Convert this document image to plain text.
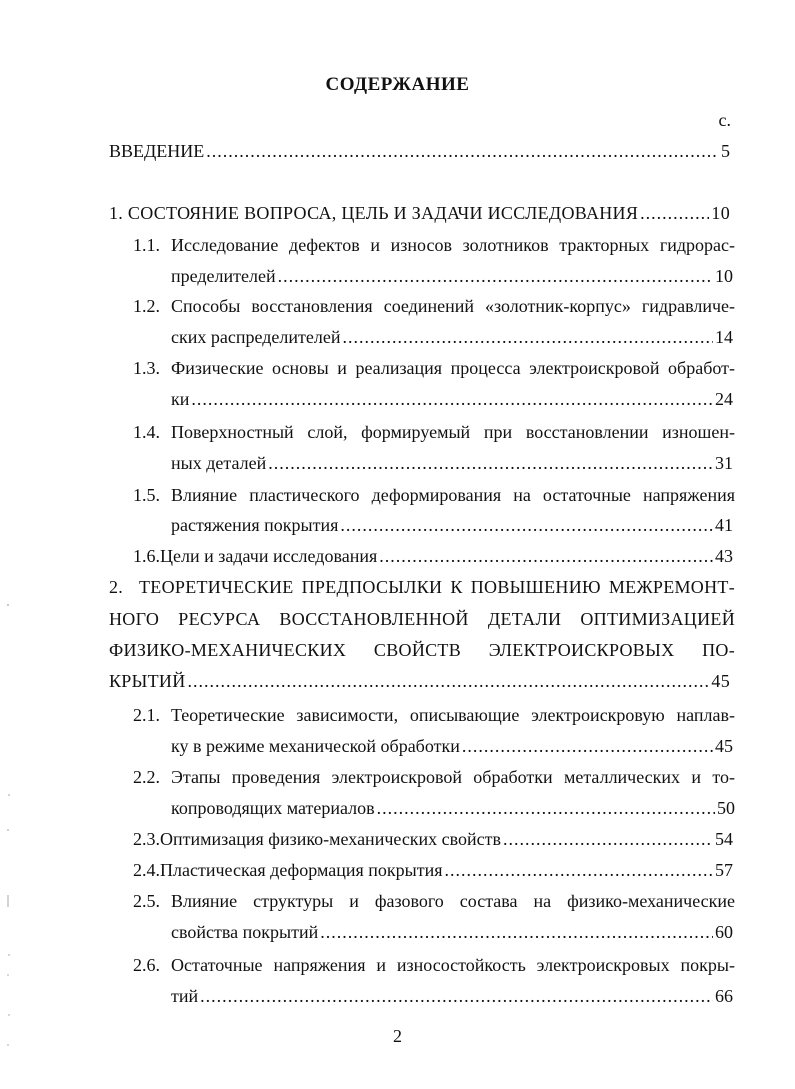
СОДЕРЖАНИЕ
с.
ВВЕДЕНИЕ .....	5
1.
СОСТОЯНИЕ ВОПРОСА, ЦЕЛЬ И ЗАДАЧИ ИССЛЕДОВАНИЯ .....	10
1.1. Исследование дефектов и износов золотников тракторных гидрорас-
пределителей .....	10
1.2. Способы восстановления соединений «золотник-корпус» гидравличе-
ских распределителей .....	14
1.3. Физические основы и реализация процесса электроискровой обработ-
ки .....	24
1.4. Поверхностный слой, формируемый при восстановлении изношен-
ных деталей .....	31
1.5. Влияние пластического деформирования на остаточные напряжения
растяжения покрытия .....	41
1.6. Цели и задачи исследования .....	43
2. ТЕОРЕТИЧЕСКИЕ ПРЕДПОСЫЛКИ К ПОВЫШЕНИЮ МЕЖРЕМОНТ-
НОГО РЕСУРСА ВОССТАНОВЛЕННОЙ ДЕТАЛИ ОПТИМИЗАЦИЕЙ
ФИЗИКО-МЕХАНИЧЕСКИХ СВОЙСТВ ЭЛЕКТРОИСКРОВЫХ ПО-
КРЫТИЙ .....	45
2.1. Теоретические зависимости, описывающие электроискровую наплав-
ку в режиме механической обработки .....	45
2.2. Этапы проведения электроискровой обработки металлических и то-
копроводящих материалов .....	50
2.3. Оптимизация физико-механических свойств .....	54
2.4. Пластическая деформация покрытия .....	57
2.5. Влияние структуры и фазового состава на физико-механические
свойства покрытий .....	60
2.6. Остаточные напряжения и износостойкость электроискровых покры-
тий .....	66
2
